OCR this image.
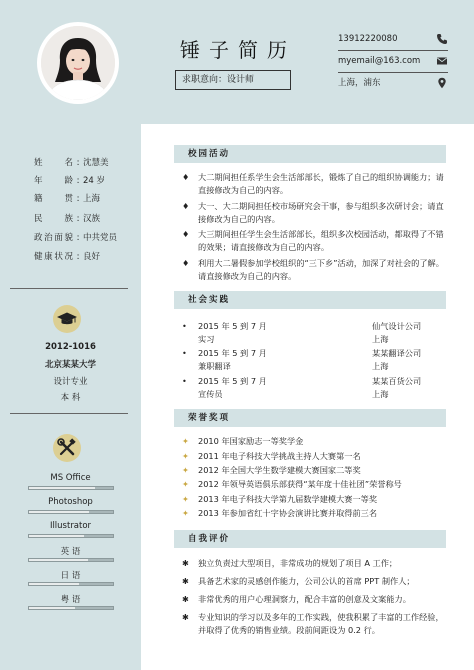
锤子简历
求职意向：设计师
13912220080
myemail@163.com
上海，浦东
姓名 : 沈慧美
年龄 : 24 岁
籍贯 : 上海
民族 : 汉族
政治面貌 : 中共党员
健康状况 : 良好
2012-1016
北京某某大学
设计专业
本 科
MS Office
Photoshop
Illustrator
英 语
日 语
粤 语
校园活动
♦	大二期间担任系学生会生活部部长，锻炼了自己的组织协调能力；请直接修改为自己的内容。
♦	大一、大二期间担任校市场研究会干事，参与组织多次研讨会；请直接修改为自己的内容。
♦	大三期间担任学生会生活部部长，组织多次校园活动，都取得了不错的效果；请直接修改为自己的内容。
♦	利用大二暑假参加学校组织的“三下乡”活动，加深了对社会的了解。请直接修改为自己的内容。
社会实践
• 2015 年 5 到 7 月	仙气设计公司
实习	上海
• 2015 年 5 到 7 月	某某翻译公司
兼职翻译	上海
• 2015 年 5 到 7 月	某某百货公司
宣传员	上海
荣誉奖项
✦ 2010 年国家励志一等奖学金
✦ 2011 年电子科技大学挑战主持人大赛第一名
✦ 2012 年全国大学生数学建模大赛国家二等奖
✦ 2012 年领导英语俱乐部获得“某年度十佳社团”荣誉称号
✦ 2013 年电子科技大学第九届数学建模大赛一等奖
✦ 2013 年参加省红十字协会演讲比赛并取得前三名
自我评价
✱	独立负责过大型项目，非常成功的规划了项目 A 工作；
✱	具备艺术家的灵感创作能力，公司公认的首席 PPT 制作人；
✱	非常优秀的用户心理洞察力，配合丰富的创意及文案能力。
✱	专业知识的学习以及多年的工作实践，使我积累了丰富的工作经验，并取得了优秀的销售业绩。段前间距设为 0.2 行。
